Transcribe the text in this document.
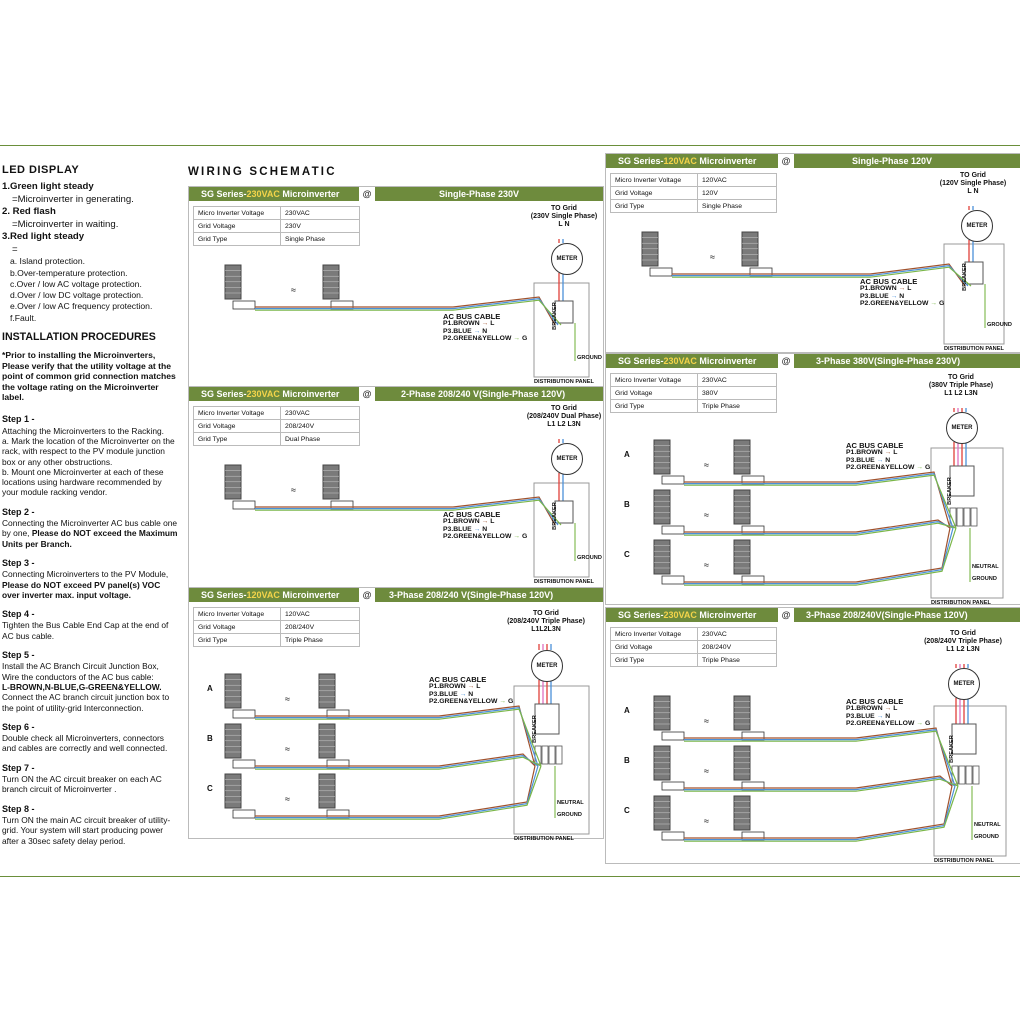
LED DISPLAY
1.Green light steady
=Microinverter in generating.
2. Red flash
=Microinverter in waiting.
3.Red light steady
=
a. Island protection.
b.Over-temperature protection.
c.Over / low AC voltage protection.
d.Over / low DC voltage protection.
e.Over / low AC frequency protection.
f.Fault.
INSTALLATION PROCEDURES
*Prior to installing the Microinverters, Please verify that the utility voltage at the point of common grid connection matches the voltage rating on the Microinverter label.
Step 1 -
Attaching the Microinverters to the Racking.
a. Mark the location of the Microinverter on the rack, with respect to the PV module junction box or any other obstructions.
b. Mount one Microinverter at each of these locations using hardware recommended by your module racking vendor.
Step 2 -
Connecting the Microinverter AC bus cable one by one, Please do NOT exceed the Maximum Units per Branch.
Step 3 -
Connecting Microinverters to the PV Module,
Please do NOT exceed PV panel(s) VOC over inverter max. input voltage.
Step 4 -
Tighten the Bus Cable End Cap at the end of AC bus cable.
Step 5 -
Install the AC Branch Circuit Junction Box, Wire the conductors of the AC bus cable:
L-BROWN,N-BLUE,G-GREEN&YELLOW.
Connect the AC branch circuit junction box to the point of utility-grid Interconnection.
Step 6 -
Double check all Microinverters, connectors and cables are correctly and well connected.
Step 7 -
Turn ON the AC circuit breaker on each AC branch circuit of Microinverter .
Step 8 -
Turn ON the main AC circuit breaker of utility-grid. Your system will start producing power after a 30sec safety delay period.
WIRING SCHEMATIC
SG Series-230VAC Microinverter	@	Single-Phase 230V
Micro Inverter Voltage	230VAC
Grid Voltage	230V
Grid Type	Single Phase
TO Grid
(230V Single Phase)
L N
≈
METER
AC BUS CABLE
P1.BROWN → L
P3.BLUE → N
P2.GREEN&YELLOW → G
BREAKER
GROUND
DISTRIBUTION PANEL
SG Series-230VAC Microinverter	@	2-Phase 208/240 V(Single-Phase 120V)
Micro Inverter Voltage	230VAC
Grid Voltage	208/240V
Grid Type	Dual Phase
TO Grid
(208/240V Dual Phase)
L1 L2 L3N
≈
METER
AC BUS CABLE
P1.BROWN → L
P3.BLUE → N
P2.GREEN&YELLOW → G
BREAKER
GROUND
DISTRIBUTION PANEL
SG Series-120VAC Microinverter	@	3-Phase 208/240 V(Single-Phase 120V)
Micro Inverter Voltage	120VAC
Grid Voltage	208/240V
Grid Type	Triple Phase
TO Grid
(208/240V Triple Phase)
L1L2L3N
≈
A
≈
B
≈
C
METER
AC BUS CABLE
P1.BROWN → L
P3.BLUE → N
P2.GREEN&YELLOW → G
BREAKER
GROUND
NEUTRAL
DISTRIBUTION PANEL
SG Series-120VAC Microinverter	@	Single-Phase 120V
Micro Inverter Voltage	120VAC
Grid Voltage	120V
Grid Type	Single Phase
TO Grid
(120V Single Phase)
L N
≈
METER
AC BUS CABLE
P1.BROWN → L
P3.BLUE → N
P2.GREEN&YELLOW → G
BREAKER
GROUND
DISTRIBUTION PANEL
SG Series-230VAC Microinverter	@	3-Phase 380V(Single-Phase 230V)
Micro Inverter Voltage	230VAC
Grid Voltage	380V
Grid Type	Triple Phase
TO Grid
(380V Triple Phase)
L1 L2 L3N
≈
A
≈
B
≈
C
METER
AC BUS CABLE
P1.BROWN → L
P3.BLUE → N
P2.GREEN&YELLOW → G
BREAKER
GROUND
NEUTRAL
DISTRIBUTION PANEL
SG Series-230VAC Microinverter	@	3-Phase 208/240V(Single-Phase 120V)
Micro Inverter Voltage	230VAC
Grid Voltage	208/240V
Grid Type	Triple Phase
TO Grid
(208/240V Triple Phase)
L1 L2 L3N
≈
A
≈
B
≈
C
METER
AC BUS CABLE
P1.BROWN → L
P3.BLUE → N
P2.GREEN&YELLOW → G
BREAKER
GROUND
NEUTRAL
DISTRIBUTION PANEL
